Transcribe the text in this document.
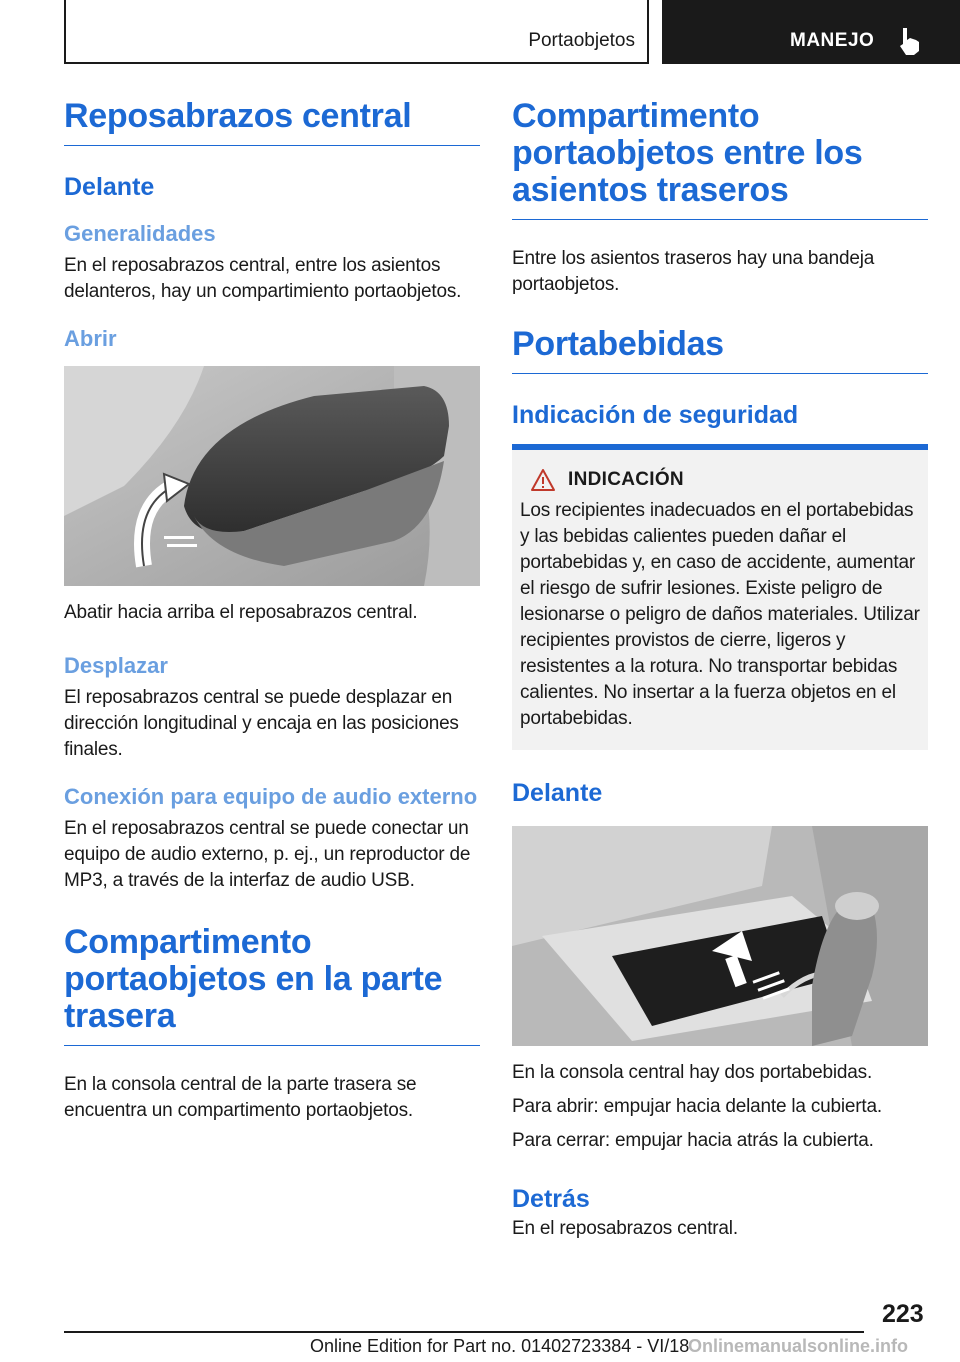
Portaobjetos	MANEJO
Reposabrazos central
Delante
Generalidades
En el reposabrazos central, entre los asientos delanteros, hay un compartimiento portaobjetos.
Abrir
Abatir hacia arriba el reposabrazos central.
Desplazar
El reposabrazos central se puede desplazar en dirección longitudinal y encaja en las posiciones finales.
Conexión para equipo de audio externo
En el reposabrazos central se puede conectar un equipo de audio externo, p. ej., un reproductor de MP3, a través de la interfaz de audio USB.
Compartimento portaobjetos en la parte trasera
En la consola central de la parte trasera se encuentra un compartimento portaobjetos.
Compartimento portaobjetos entre los asientos traseros
Entre los asientos traseros hay una bandeja portaobjetos.
Portabebidas
Indicación de seguridad
INDICACIÓN
Los recipientes inadecuados en el portabebidas y las bebidas calientes pueden dañar el portabebidas y, en caso de accidente, aumentar el riesgo de sufrir lesiones. Existe peligro de lesionarse o peligro de daños materiales. Utilizar recipientes provistos de cierre, ligeros y resistentes a la rotura. No transportar bebidas calientes. No insertar a la fuerza objetos en el portabebidas.
Delante
En la consola central hay dos portabebidas.
Para abrir: empujar hacia delante la cubierta.
Para cerrar: empujar hacia atrás la cubierta.
Detrás
En el reposabrazos central.
223
Online Edition for Part no. 01402723384 - VI/18
Onlinemanualsonline.info
